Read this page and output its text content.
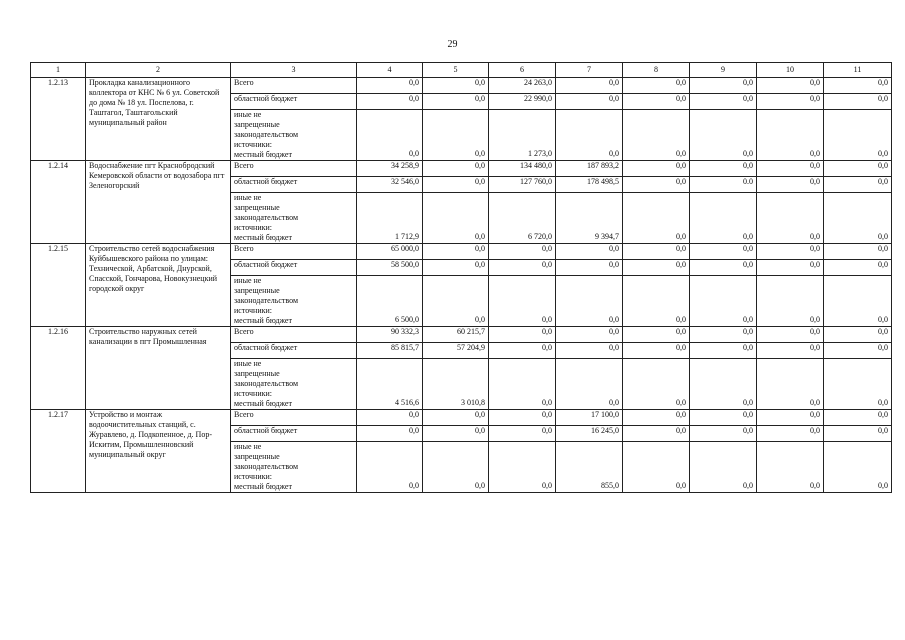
29
1	2	3	4	5	6	7	8	9	10	11
1.2.13	Прокладка канализационного коллектора от КНС № 6 ул. Советской до дома № 18 ул. Поспелова, г. Таштагол, Таштагольский муниципальный район	Всего	0,0	0,0	24 263,0	0,0	0,0	0,0	0,0	0,0

		областной бюджет	0,0	0,0	22 990,0	0,0	0,0	0,0	0,0	0,0

		иные не
запрещенные
законодательством
источники:
местный бюджет	0,0	0,0	1 273,0	0,0	0,0	0,0	0,0	0,0
1.2.14	Водоснабжение пгт Краснобродский Кемеровской области от водозабора пгт Зеленогорский	Всего	34 258,9	0,0	134 480,0	187 893,2	0,0	0,0	0,0	0,0

		областной бюджет	32 546,0	0,0	127 760,0	178 498,5	0,0	0.0	0,0	0,0

		иные не
запрещенные
законодательством
источники:
местный бюджет	1 712,9	0,0	6 720,0	9 394,7	0,0	0,0	0,0	0,0
1.2.15	Строительство сетей водоснабжения Куйбышевского района по улицам: Технической, Арбатской, Днурской, Спасской, Гончарова, Новокузнецкий городской округ	Всего	65 000,0	0,0	0,0	0,0	0,0	0,0	0,0	0,0

		областной бюджет	58 500,0	0,0	0,0	0,0	0,0	0,0	0,0	0,0

		иные не
запрещенные
законодательством
источники:
местный бюджет	6 500,0	0,0	0,0	0,0	0,0	0,0	0,0	0,0
1.2.16	Строительство наружных сетей канализации в пгт Промышленная	Всего	90 332,3	60 215,7	0,0	0,0	0,0	0,0	0,0	0,0

		областной бюджет	85 815,7	57 204,9	0,0	0,0	0,0	0,0	0,0	0,0

		иные не
запрещенные
законодательством
источники:
местный бюджет	4 516,6	3 010,8	0,0	0,0	0,0	0,0	0,0	0,0
1.2.17	Устройство и монтаж водоочистительных станций, с. Журавлево, д. Подкопенное, д. Пор-Искитим, Промышленновский муниципальный округ	Всего	0,0	0,0	0,0	17 100,0	0,0	0,0	0,0	0,0

		областной бюджет	0,0	0,0	0,0	16 245,0	0,0	0,0	0,0	0,0

		иные не
запрещенные
законодательством
источники:
местный бюджет	0,0	0,0	0,0	855,0	0,0	0,0	0,0	0,0
